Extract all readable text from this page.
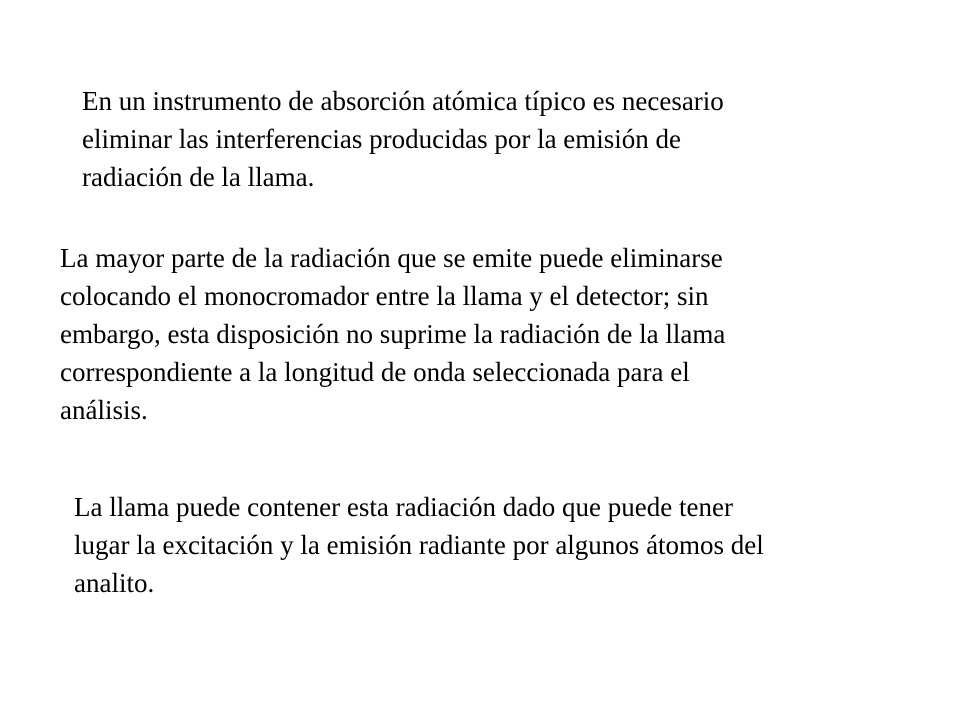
En un instrumento de absorción atómica típico es necesario
eliminar las interferencias producidas por la emisión de
radiación de la llama.

La mayor parte de la radiación que se emite puede eliminarse
colocando el monocromador entre la llama y el detector; sin
embargo, esta disposición no suprime la radiación de la llama
correspondiente a la longitud de onda seleccionada para el
análisis.

La llama puede contener esta radiación dado que puede tener
lugar la excitación y la emisión radiante por algunos átomos del
analito.
